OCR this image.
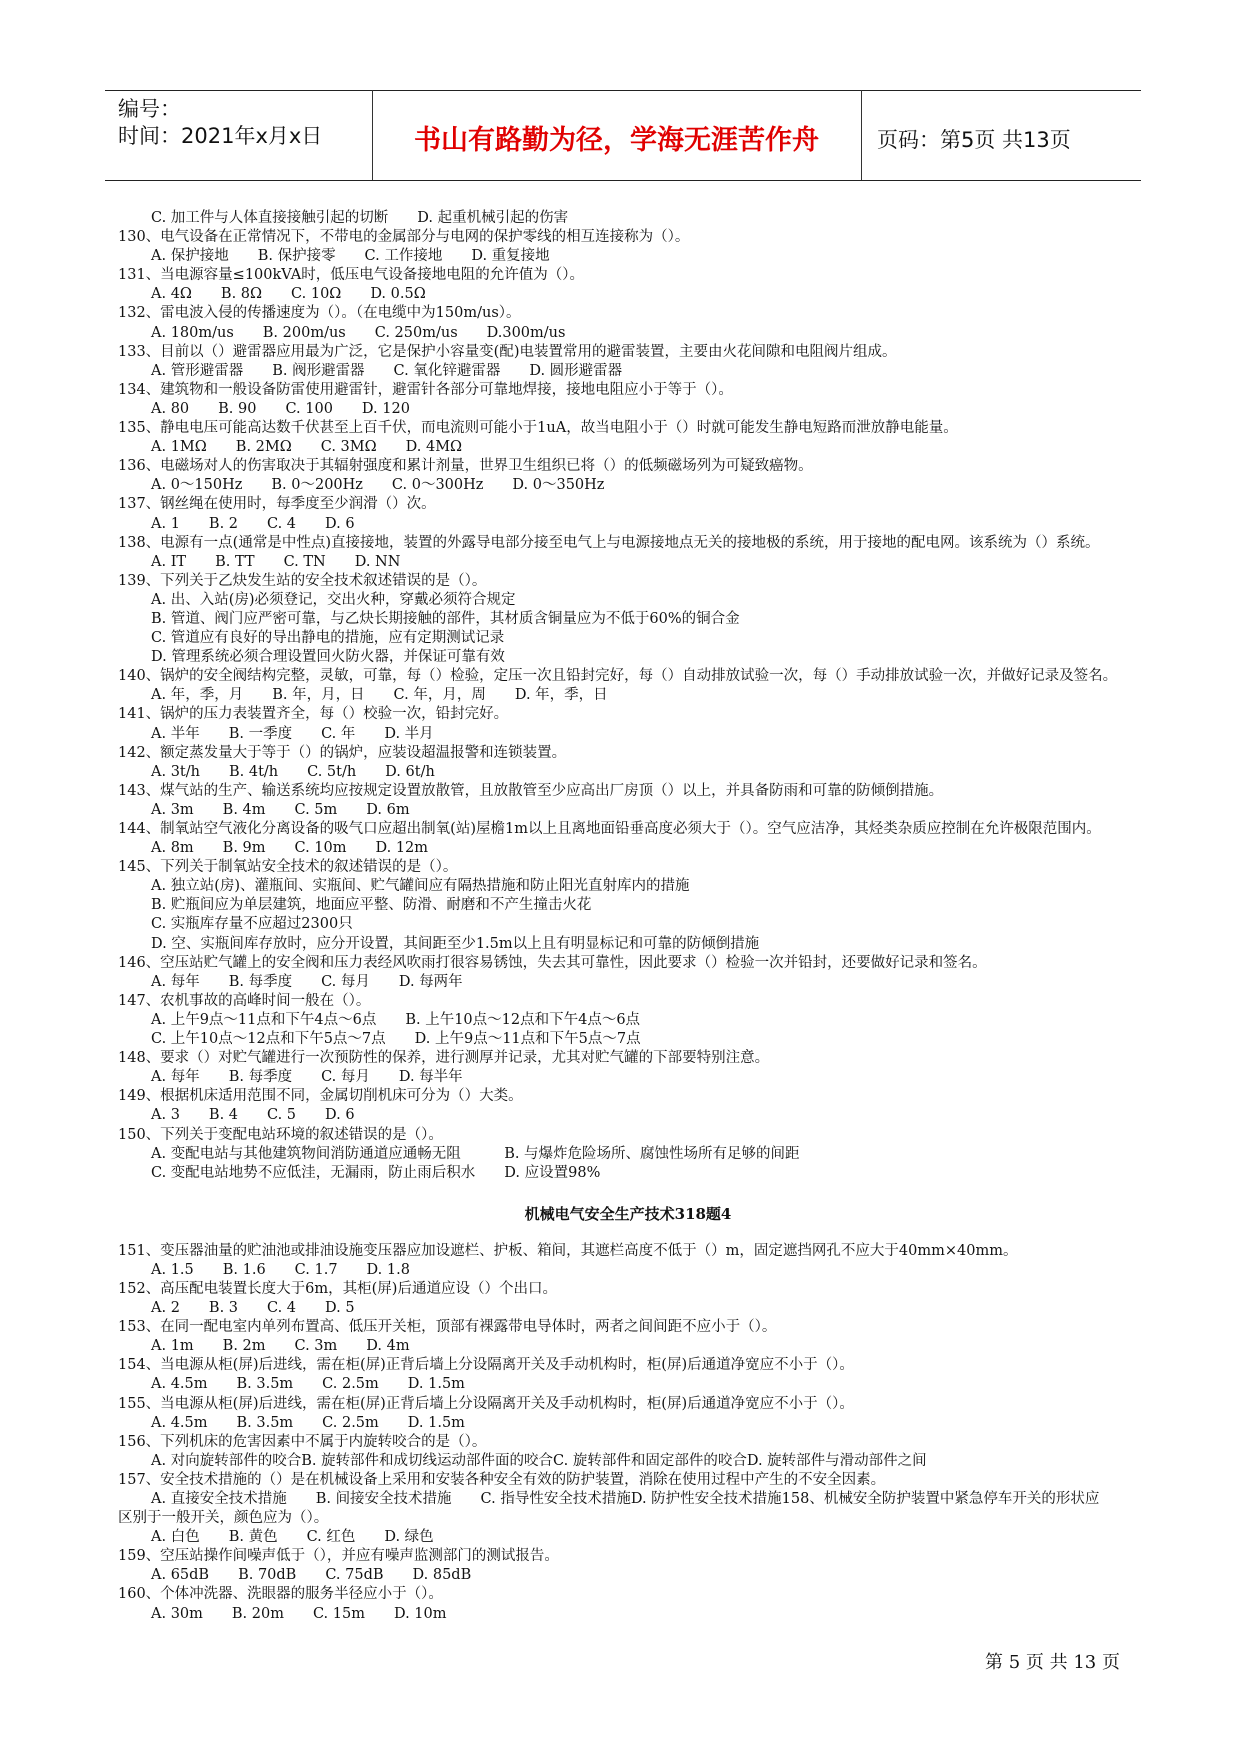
编号：
时间：2021年x月x日	书山有路勤为径，学海无涯苦作舟	页码：第5页 共13页
C. 加工件与人体直接接触引起的切断　　D. 起重机械引起的伤害
130、电气设备在正常情况下，不带电的金属部分与电网的保护零线的相互连接称为（）。
A. 保护接地　　B. 保护接零　　C. 工作接地　　D. 重复接地
131、当电源容量≤100kVA时，低压电气设备接地电阻的允许值为（）。
A. 4Ω　　B. 8Ω　　C. 10Ω　　D. 0.5Ω
132、雷电波入侵的传播速度为（）。（在电缆中为150m/us）。
A. 180m/us　　B. 200m/us　　C. 250m/us　　D.300m/us
133、目前以（）避雷器应用最为广泛，它是保护小容量变(配)电装置常用的避雷装置，主要由火花间隙和电阻阀片组成。
A. 管形避雷器　　B. 阀形避雷器　　C. 氧化锌避雷器　　D. 圆形避雷器
134、建筑物和一般设备防雷使用避雷针，避雷针各部分可靠地焊接，接地电阻应小于等于（）。
A. 80　　B. 90　　C. 100　　D. 120
135、静电电压可能高达数千伏甚至上百千伏，而电流则可能小于1uA，故当电阻小于（）时就可能发生静电短路而泄放静电能量。
A. 1MΩ　　B. 2MΩ　　C. 3MΩ　　D. 4MΩ
136、电磁场对人的伤害取决于其辐射强度和累计剂量，世界卫生组织已将（）的低频磁场列为可疑致癌物。
A. 0～150Hz　　B. 0～200Hz　　C. 0～300Hz　　D. 0～350Hz
137、钢丝绳在使用时，每季度至少润滑（）次。
A. 1　　B. 2　　C. 4　　D. 6
138、电源有一点(通常是中性点)直接接地，装置的外露导电部分接至电气上与电源接地点无关的接地极的系统，用于接地的配电网。该系统为（）系统。
A. IT　　B. TT　　C. TN　　D. NN
139、下列关于乙炔发生站的安全技术叙述错误的是（）。
A. 出、入站(房)必须登记，交出火种，穿戴必须符合规定
B. 管道、阀门应严密可靠，与乙炔长期接触的部件，其材质含铜量应为不低于60%的铜合金
C. 管道应有良好的导出静电的措施，应有定期测试记录
D. 管理系统必须合理设置回火防火器，并保证可靠有效
140、锅炉的安全阀结构完整，灵敏，可靠，每（）检验，定压一次且铅封完好，每（）自动排放试验一次，每（）手动排放试验一次，并做好记录及签名。
A. 年，季，月　　B. 年，月，日　　C. 年，月，周　　D. 年，季，日
141、锅炉的压力表装置齐全，每（）校验一次，铅封完好。
A. 半年　　B. 一季度　　C. 年　　D. 半月
142、额定蒸发量大于等于（）的锅炉，应装设超温报警和连锁装置。
A. 3t/h　　B. 4t/h　　C. 5t/h　　D. 6t/h
143、煤气站的生产、输送系统均应按规定设置放散管，且放散管至少应高出厂房顶（）以上，并具备防雨和可靠的防倾倒措施。
A. 3m　　B. 4m　　C. 5m　　D. 6m
144、制氧站空气液化分离设备的吸气口应超出制氧(站)屋檐1m以上且离地面铅垂高度必须大于（）。空气应洁净，其烃类杂质应控制在允许极限范围内。
A. 8m　　B. 9m　　C. 10m　　D. 12m
145、下列关于制氧站安全技术的叙述错误的是（）。
A. 独立站(房)、灌瓶间、实瓶间、贮气罐间应有隔热措施和防止阳光直射库内的措施
B. 贮瓶间应为单层建筑，地面应平整、防滑、耐磨和不产生撞击火花
C. 实瓶库存量不应超过2300只
D. 空、实瓶间库存放时，应分开设置，其间距至少1.5m以上且有明显标记和可靠的防倾倒措施
146、空压站贮气罐上的安全阀和压力表经风吹雨打很容易锈蚀，失去其可靠性，因此要求（）检验一次并铅封，还要做好记录和签名。
A. 每年　　B. 每季度　　C. 每月　　D. 每两年
147、农机事故的高峰时间一般在（）。
A. 上午9点～11点和下午4点～6点　　B. 上午10点～12点和下午4点～6点
C. 上午10点～12点和下午5点～7点　　D. 上午9点～11点和下午5点～7点
148、要求（）对贮气罐进行一次预防性的保养，进行测厚并记录，尤其对贮气罐的下部要特别注意。
A. 每年　　B. 每季度　　C. 每月　　D. 每半年
149、根据机床适用范围不同，金属切削机床可分为（）大类。
A. 3　　B. 4　　C. 5　　D. 6
150、下列关于变配电站环境的叙述错误的是（）。
A. 变配电站与其他建筑物间消防通道应通畅无阻　　　B. 与爆炸危险场所、腐蚀性场所有足够的间距
C. 变配电站地势不应低洼，无漏雨，防止雨后积水　　D. 应设置98%
机械电气安全生产技术318题4
151、变压器油量的贮油池或排油设施变压器应加设遮栏、护板、箱间，其遮栏高度不低于（）m，固定遮挡网孔不应大于40mm×40mm。
A. 1.5　　B. 1.6　　C. 1.7　　D. 1.8
152、高压配电装置长度大于6m，其柜(屏)后通道应设（）个出口。
A. 2　　B. 3　　C. 4　　D. 5
153、在同一配电室内单列布置高、低压开关柜，顶部有裸露带电导体时，两者之间间距不应小于（）。
A. 1m　　B. 2m　　C. 3m　　D. 4m
154、当电源从柜(屏)后进线，需在柜(屏)正背后墙上分设隔离开关及手动机构时，柜(屏)后通道净宽应不小于（）。
A. 4.5m　　B. 3.5m　　C. 2.5m　　D. 1.5m
155、当电源从柜(屏)后进线，需在柜(屏)正背后墙上分设隔离开关及手动机构时，柜(屏)后通道净宽应不小于（）。
A. 4.5m　　B. 3.5m　　C. 2.5m　　D. 1.5m
156、下列机床的危害因素中不属于内旋转咬合的是（）。
A. 对向旋转部件的咬合B. 旋转部件和成切线运动部件面的咬合C. 旋转部件和固定部件的咬合D. 旋转部件与滑动部件之间
157、安全技术措施的（）是在机械设备上采用和安装各种安全有效的防护装置，消除在使用过程中产生的不安全因素。
A. 直接安全技术措施　　B. 间接安全技术措施　　C. 指导性安全技术措施D. 防护性安全技术措施158、机械安全防护装置中紧急停车开关的形状应
区别于一般开关，颜色应为（）。
A. 白色　　B. 黄色　　C. 红色　　D. 绿色
159、空压站操作间噪声低于（），并应有噪声监测部门的测试报告。
A. 65dB　　B. 70dB　　C. 75dB　　D. 85dB
160、个体冲洗器、洗眼器的服务半径应小于（）。
A. 30m　　B. 20m　　C. 15m　　D. 10m
第 5 页 共 13 页
